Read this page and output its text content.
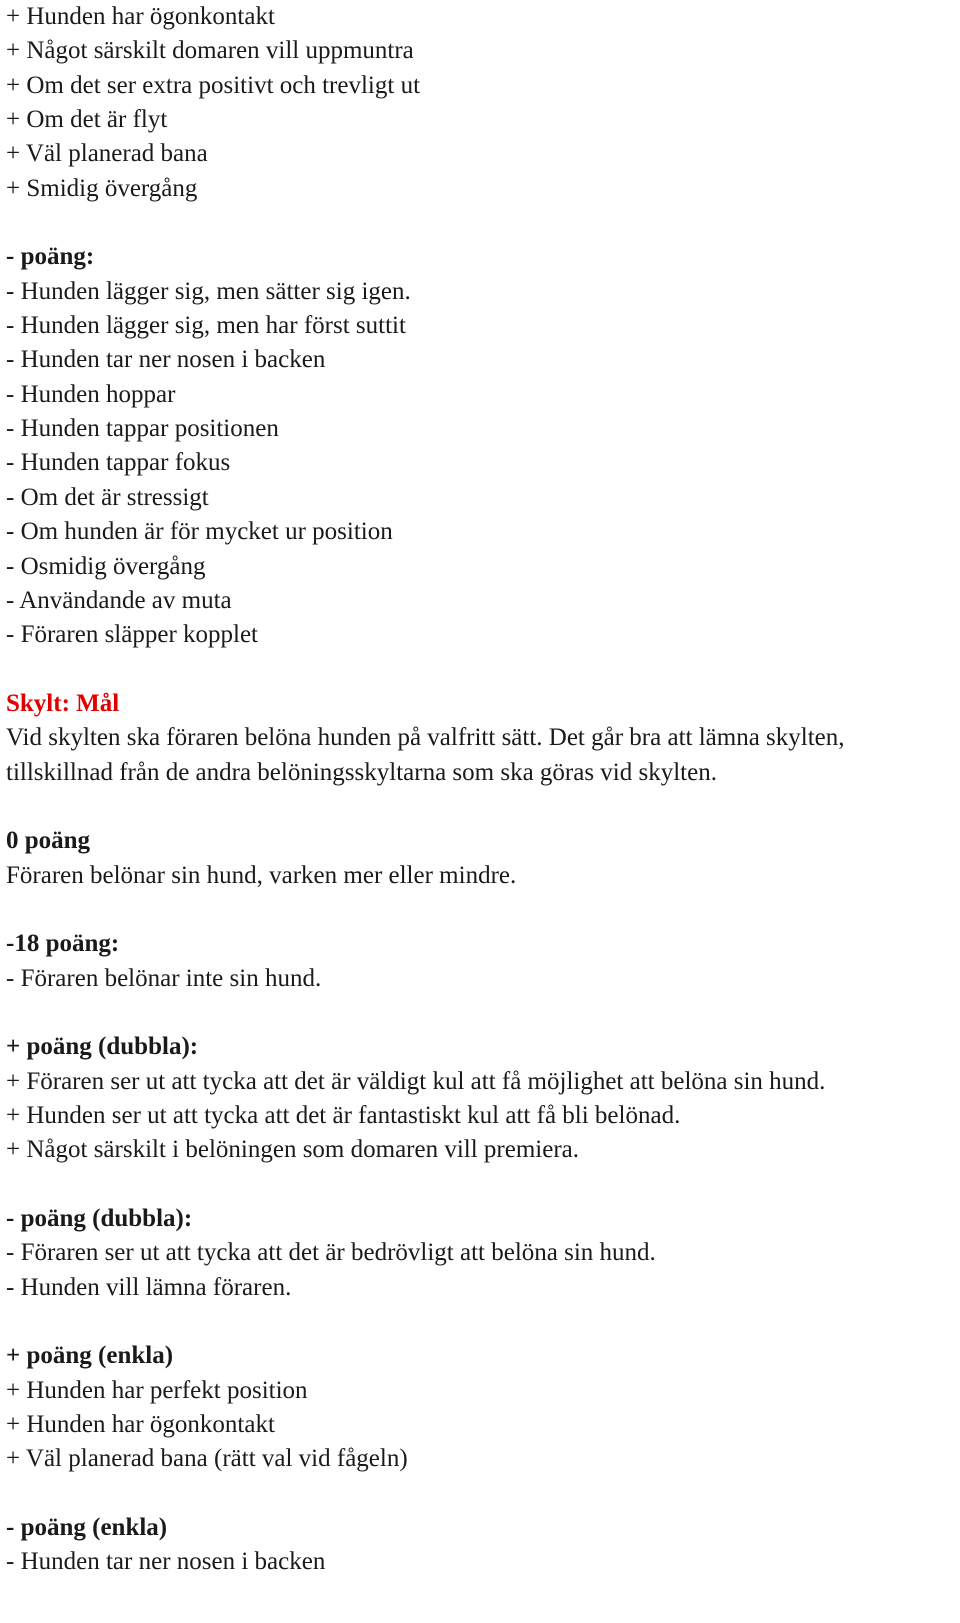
+ Hunden har ögonkontakt
+ Något särskilt domaren vill uppmuntra
+ Om det ser extra positivt och trevligt ut
+ Om det är flyt
+ Väl planerad bana
+ Smidig övergång
- poäng:
- Hunden lägger sig, men sätter sig igen.
- Hunden lägger sig, men har först suttit
- Hunden tar ner nosen i backen
- Hunden hoppar
- Hunden tappar positionen
- Hunden tappar fokus
- Om det är stressigt
- Om hunden är för mycket ur position
- Osmidig övergång
- Användande av muta
- Föraren släpper kopplet
Skylt: Mål
Vid skylten ska föraren belöna hunden på valfritt sätt. Det går bra att lämna skylten,
tillskillnad från de andra belöningsskyltarna som ska göras vid skylten.
0 poäng
Föraren belönar sin hund, varken mer eller mindre.
-18 poäng:
- Föraren belönar inte sin hund.
+ poäng (dubbla):
+ Föraren ser ut att tycka att det är väldigt kul att få möjlighet att belöna sin hund.
+ Hunden ser ut att tycka att det är fantastiskt kul att få bli belönad.
+ Något särskilt i belöningen som domaren vill premiera.
- poäng (dubbla):
- Föraren ser ut att tycka att det är bedrövligt att belöna sin hund.
- Hunden vill lämna föraren.
+ poäng (enkla)
+ Hunden har perfekt position
+ Hunden har ögonkontakt
+ Väl planerad bana (rätt val vid fågeln)
- poäng (enkla)
- Hunden tar ner nosen i backen
